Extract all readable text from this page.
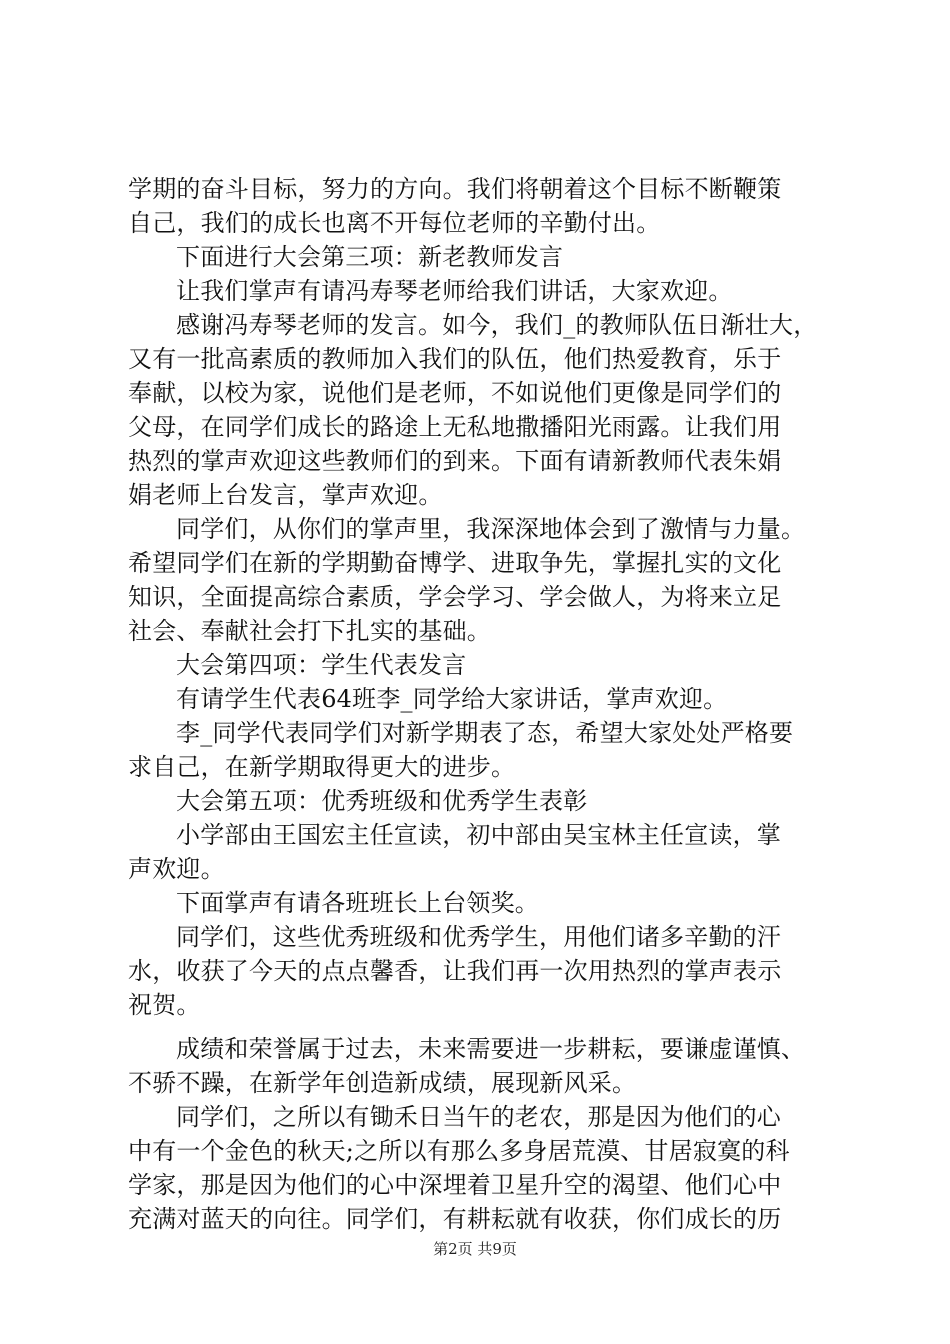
学期的奋斗目标，努力的方向。我们将朝着这个目标不断鞭策
自己，我们的成长也离不开每位老师的辛勤付出。
下面进行大会第三项：新老教师发言
让我们掌声有请冯寿琴老师给我们讲话，大家欢迎。
感谢冯寿琴老师的发言。如今，我们_的教师队伍日渐壮大，
又有一批高素质的教师加入我们的队伍，他们热爱教育，乐于
奉献，以校为家，说他们是老师，不如说他们更像是同学们的
父母，在同学们成长的路途上无私地撒播阳光雨露。让我们用
热烈的掌声欢迎这些教师们的到来。下面有请新教师代表朱娟
娟老师上台发言，掌声欢迎。
同学们，从你们的掌声里，我深深地体会到了激情与力量。
希望同学们在新的学期勤奋博学、进取争先，掌握扎实的文化
知识，全面提高综合素质，学会学习、学会做人，为将来立足
社会、奉献社会打下扎实的基础。
大会第四项：学生代表发言
有请学生代表64班李_同学给大家讲话，掌声欢迎。
李_同学代表同学们对新学期表了态，希望大家处处严格要
求自己，在新学期取得更大的进步。
大会第五项：优秀班级和优秀学生表彰
小学部由王国宏主任宣读，初中部由吴宝林主任宣读，掌
声欢迎。
下面掌声有请各班班长上台领奖。
同学们，这些优秀班级和优秀学生，用他们诸多辛勤的汗
水，收获了今天的点点馨香，让我们再一次用热烈的掌声表示
祝贺。
成绩和荣誉属于过去，未来需要进一步耕耘，要谦虚谨慎、
不骄不躁，在新学年创造新成绩，展现新风采。
同学们，之所以有锄禾日当午的老农，那是因为他们的心
中有一个金色的秋天;之所以有那么多身居荒漠、甘居寂寞的科
学家，那是因为他们的心中深埋着卫星升空的渴望、他们心中
充满对蓝天的向往。同学们，有耕耘就有收获，你们成长的历
第2页 共9页
